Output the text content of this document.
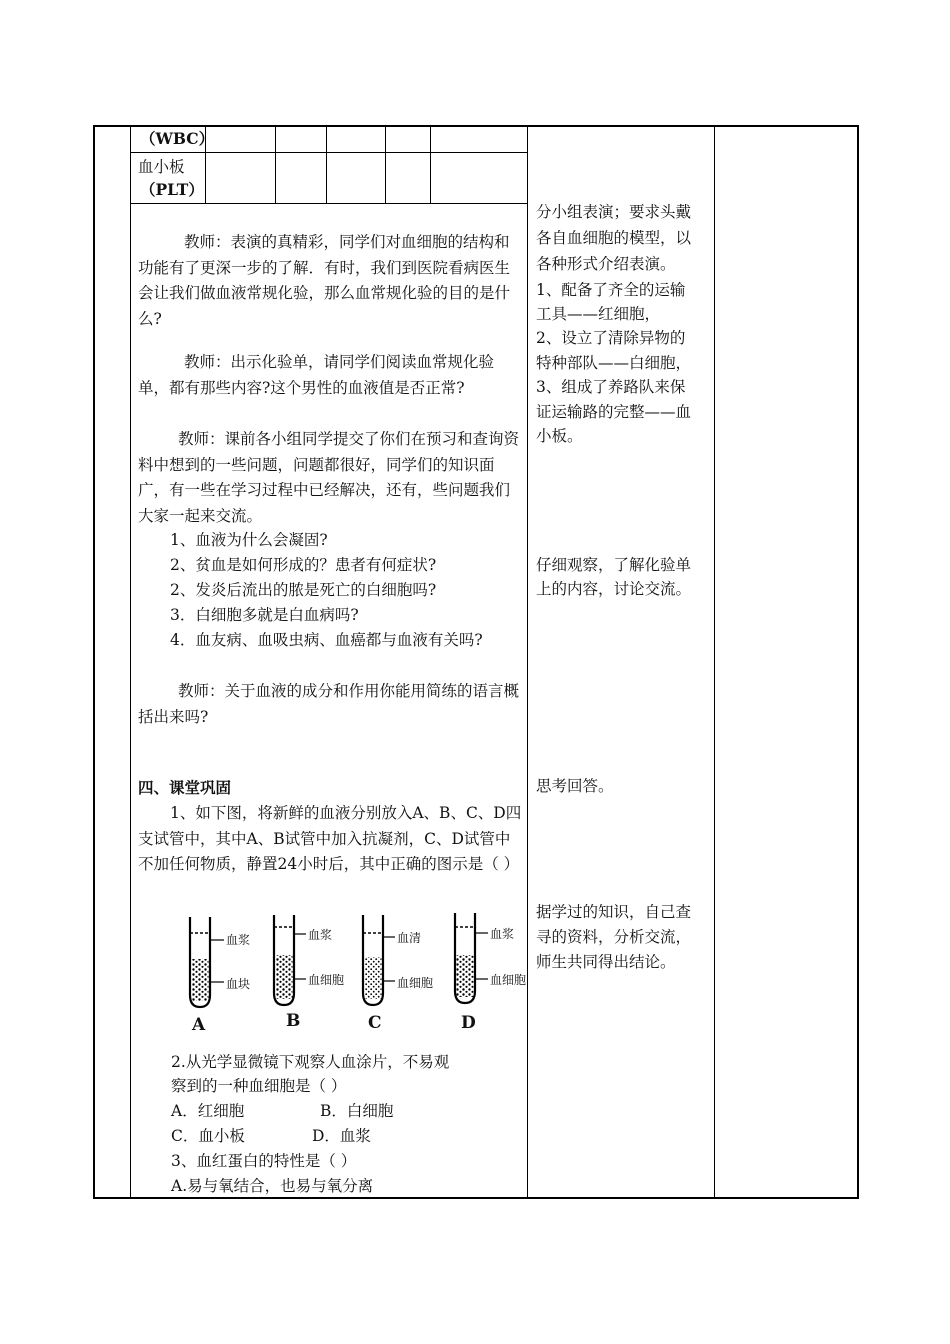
（WBC）
血小板
（PLT）
教师：表演的真精彩，同学们对血细胞的结构和功能有了更深一步的了解．有时，我们到医院看病医生会让我们做血液常规化验，那么血常规化验的目的是什么?
教师：出示化验单，请同学们阅读血常规化验单，都有那些内容?这个男性的血液值是否正常?
教师：课前各小组同学提交了你们在预习和查询资料中想到的一些问题，问题都很好，同学们的知识面广，有一些在学习过程中已经解决，还有，些问题我们大家一起来交流。
1、血液为什么会凝固?
2、贫血是如何形成的？患者有何症状?
2、发炎后流出的脓是死亡的白细胞吗?
3．白细胞多就是白血病吗?
4．血友病、血吸虫病、血癌都与血液有关吗?
教师：关于血液的成分和作用你能用简练的语言概括出来吗?
四、课堂巩固
1、如下图，将新鲜的血液分别放入A、B、C、D四支试管中，其中A、B试管中加入抗凝剂，C、D试管中不加任何物质，静置24小时后，其中正确的图示是（ ）
血浆
血块
A
血浆
血细胞
B
血清
血细胞
C
血浆
血细胞
D
2.从光学显微镜下观察人血涂片，不易观
察到的一种血细胞是（ ）
A．红细胞	B．白细胞
C．血小板	D．血浆
3、血红蛋白的特性是（ ）
A.易与氧结合，也易与氧分离
分小组表演；要求头戴
各自血细胞的模型，以
各种形式介绍表演。
1、配备了齐全的运输
工具——红细胞，
2、设立了清除异物的
特种部队——白细胞，
3、组成了养路队来保
证运输路的完整——血
小板。
仔细观察，了解化验单
上的内容，讨论交流。
思考回答。
据学过的知识，自己查
寻的资料，分析交流，
师生共同得出结论。
